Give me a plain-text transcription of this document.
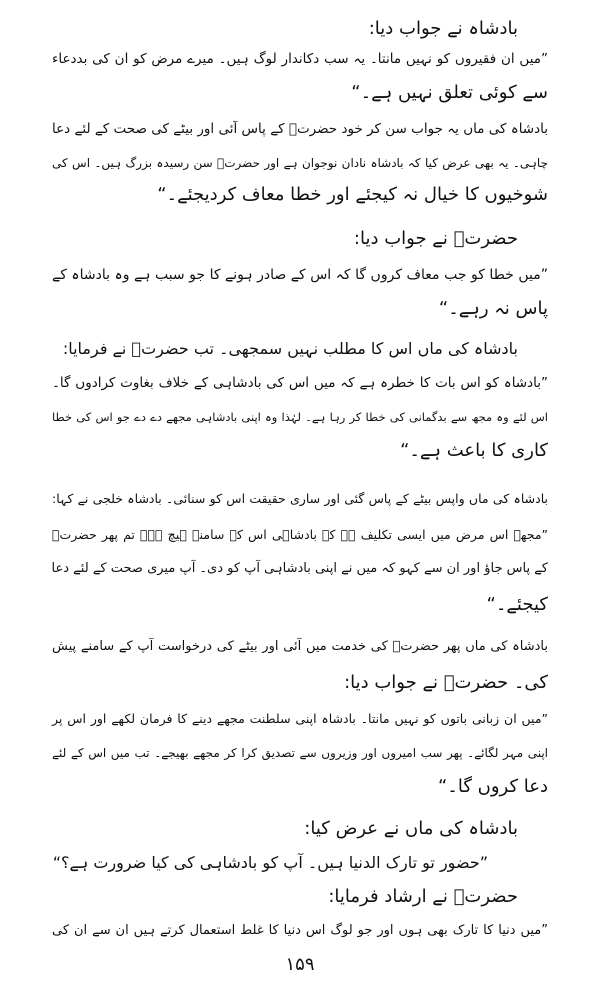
بادشاہ نے جواب دیا:
”میں ان فقیروں کو نہیں مانتا۔ یہ سب دکاندار لوگ ہیں۔ میرے مرض کو ان کی بددعاء
سے کوئی تعلق نہیں ہے۔“
بادشاہ کی ماں یہ جواب سن کر خود حضرتؒ کے پاس آئی اور بیٹے کی صحت کے لئے دعا
چاہی۔ یہ بھی عرض کیا کہ بادشاہ نادان نوجوان ہے اور حضرتؒ سن رسیدہ بزرگ ہیں۔ اس کی
شوخیوں کا خیال نہ کیجئے اور خطا معاف کردیجئے۔“
حضرتؒ نے جواب دیا:
”میں خطا کو جب معاف کروں گا کہ اس کے صادر ہونے کا جو سبب ہے وہ بادشاہ کے
پاس نہ رہے۔“
بادشاہ کی ماں اس کا مطلب نہیں سمجھی۔ تب حضرتؒ نے فرمایا:
”بادشاہ کو اس بات کا خطرہ ہے کہ میں اس کی بادشاہی کے خلاف بغاوت کرادوں گا۔
اس لئے وہ مجھ سے بدگمانی کی خطا کر رہا ہے۔ لہٰذا وہ اپنی بادشاہی مجھے دے دے جو اس کی خطا
کاری کا باعث ہے۔“
بادشاہ کی ماں واپس بیٹے کے پاس گئی اور ساری حقیقت اس کو سنائی۔ بادشاہ خلجی نے کہا:
”مجھے اس مرض میں ایسی تکلیف ہے کہ بادشاہی اس کے سامنے ہیچ ہے۔ تم پھر حضرتؒ
کے پاس جاؤ اور ان سے کہو کہ میں نے اپنی بادشاہی آپ کو دی۔ آپ میری صحت کے لئے دعا
کیجئے۔“
بادشاہ کی ماں پھر حضرتؒ کی خدمت میں آئی اور بیٹے کی درخواست آپ کے سامنے پیش
کی۔ حضرتؒ نے جواب دیا:
”میں ان زبانی باتوں کو نہیں مانتا۔ بادشاہ اپنی سلطنت مجھے دینے کا فرمان لکھے اور اس پر
اپنی مہر لگائے۔ پھر سب امیروں اور وزیروں سے تصدیق کرا کر مجھے بھیجے۔ تب میں اس کے لئے
دعا کروں گا۔“
بادشاہ کی ماں نے عرض کیا:
”حضور تو تارک الدنیا ہیں۔ آپ کو بادشاہی کی کیا ضرورت ہے؟“
حضرتؒ نے ارشاد فرمایا:
”میں دنیا کا تارک بھی ہوں اور جو لوگ اس دنیا کا غلط استعمال کرتے ہیں ان سے ان کی
۱۵۹
